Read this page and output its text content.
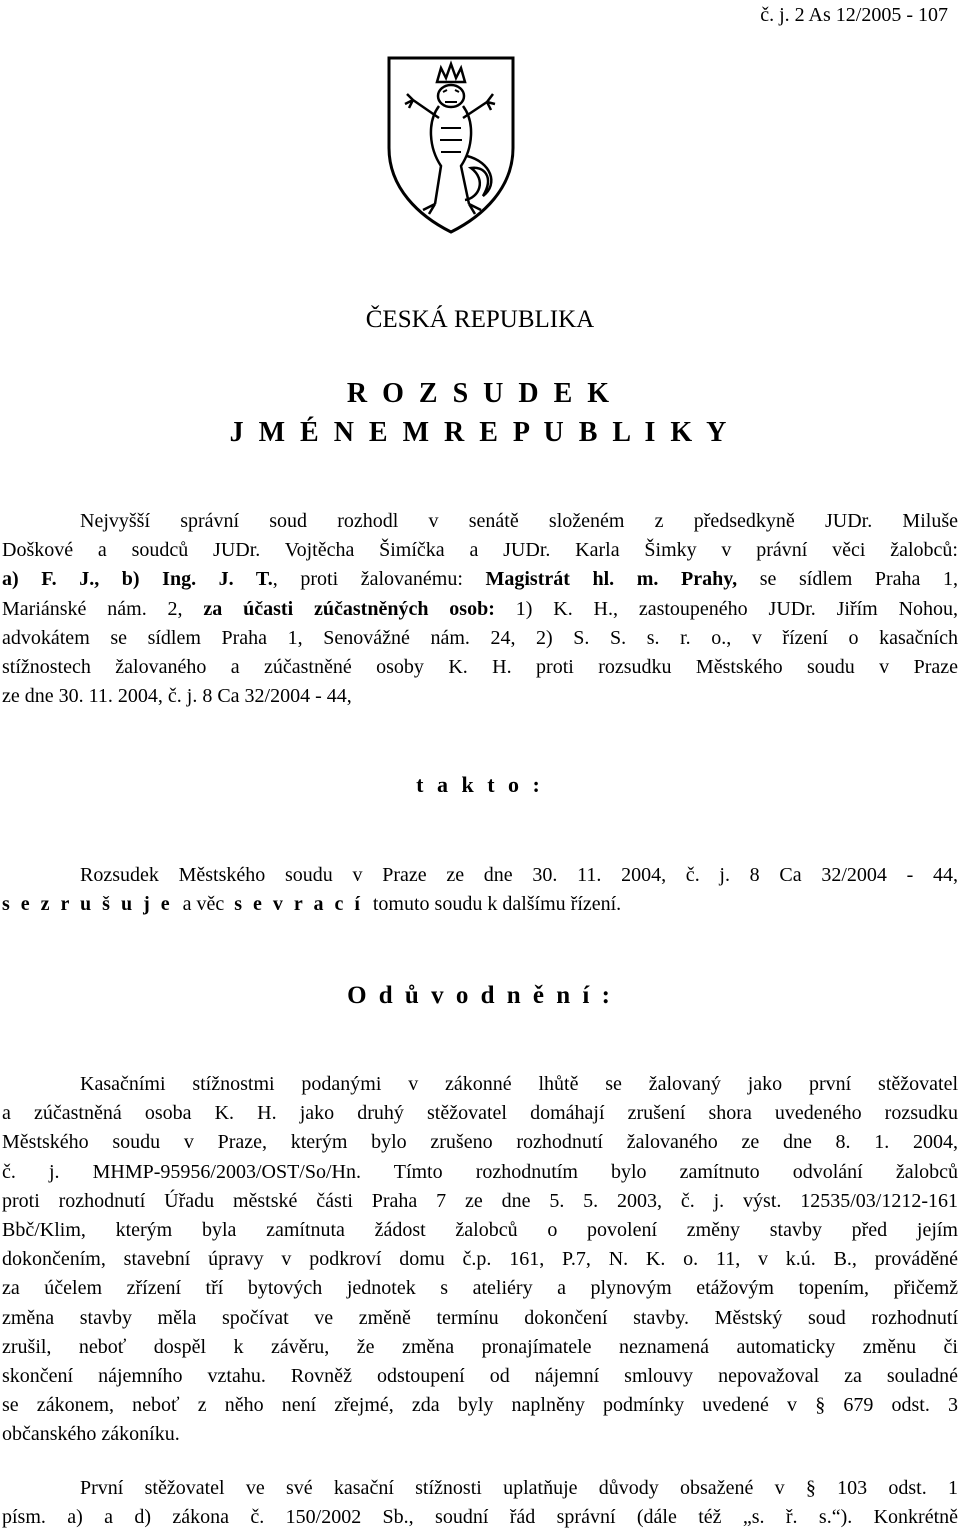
č. j. 2 As 12/2005 - 107
ČESKÁ REPUBLIKA
R O Z S U D E K
J M É N E M R E P U B L I K Y
Nejvyšší správní soud rozhodl v senátě složeném z předsedkyně JUDr. Miluše
Doškové a soudců JUDr. Vojtěcha Šimíčka a JUDr. Karla Šimky v právní věci žalobců:
a) F. J., b) Ing. J. T., proti žalovanému: Magistrát hl. m. Prahy, se sídlem Praha 1,
Mariánské nám. 2, za účasti zúčastněných osob: 1) K. H., zastoupeného JUDr. Jiřím Nohou,
advokátem se sídlem Praha 1, Senovážné nám. 24, 2) S. S. s. r. o., v řízení o kasačních
stížnostech žalovaného a zúčastněné osoby K. H. proti rozsudku Městského soudu v Praze
ze dne 30. 11. 2004, č. j. 8 Ca 32/2004 - 44,
t a k t o :
Rozsudek Městského soudu v Praze ze dne 30. 11. 2004, č. j. 8 Ca 32/2004 - 44,
s e z r u š u j e a věc s e v r a c í tomuto soudu k dalšímu řízení.
O d ů v o d n ě n í :
Kasačními stížnostmi podanými v zákonné lhůtě se žalovaný jako první stěžovatel
a zúčastněná osoba K. H. jako druhý stěžovatel domáhají zrušení shora uvedeného rozsudku
Městského soudu v Praze, kterým bylo zrušeno rozhodnutí žalovaného ze dne 8. 1. 2004,
č. j. MHMP-95956/2003/OST/So/Hn. Tímto rozhodnutím bylo zamítnuto odvolání žalobců
proti rozhodnutí Úřadu městské části Praha 7 ze dne 5. 5. 2003, č. j. výst. 12535/03/1212-161
Bbč/Klim, kterým byla zamítnuta žádost žalobců o povolení změny stavby před jejím
dokončením, stavební úpravy v podkroví domu č.p. 161, P.7, N. K. o. 11, v k.ú. B., prováděné
za účelem zřízení tří bytových jednotek s ateliéry a plynovým etážovým topením, přičemž
změna stavby měla spočívat ve změně termínu dokončení stavby. Městský soud rozhodnutí
zrušil, neboť dospěl k závěru, že změna pronajímatele neznamená automaticky změnu či
skončení nájemního vztahu. Rovněž odstoupení od nájemní smlouvy nepovažoval za souladné
se zákonem, neboť z něho není zřejmé, zda byly naplněny podmínky uvedené v § 679 odst. 3
občanského zákoníku.
První stěžovatel ve své kasační stížnosti uplatňuje důvody obsažené v § 103 odst. 1
písm. a) a d) zákona č. 150/2002 Sb., soudní řád správní (dále též „s. ř. s.“). Konkrétně
